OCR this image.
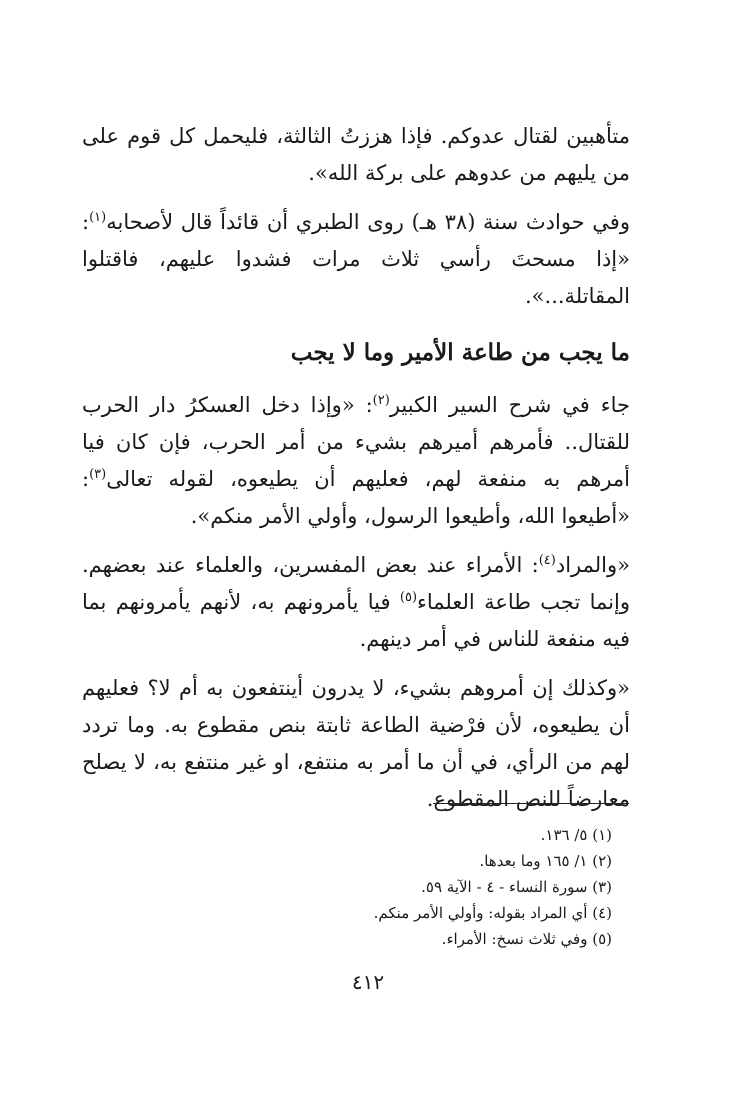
متأهبين لقتال عدوكم. فإذا هززتُ الثالثة، فليحمل كل قوم على من يليهم من عدوهم على بركة الله».

وفي حوادث سنة (٣٨ هـ) روى الطبري أن قائداً قال لأصحابه$^{(١)}$: «إذا مسحتَ رأسي ثلاث مرات فشدوا عليهم، فاقتلوا المقاتلة...».

ما يجب من طاعة الأمير وما لا يجب

جاء في شرح السير الكبير$^{(٢)}$: «وإذا دخل العسكرُ دار الحرب للقتال.. فأمرهم أميرهم بشيء من أمر الحرب، فإن كان فيا أمرهم به منفعة لهم، فعليهم أن يطيعوه، لقوله تعالى$^{(٣)}$: «أطيعوا الله، وأطيعوا الرسول، وأولي الأمر منكم».

«والمراد$^{(٤)}$: الأمراء عند بعض المفسرين، والعلماء عند بعضهم. وإنما تجب طاعة العلماء$^{(٥)}$ فيا يأمرونهم به، لأنهم يأمرونهم بما فيه منفعة للناس في أمر دينهم.

«وكذلك إن أمروهم بشيء، لا يدرون أينتفعون به أم لا؟ فعليهم أن يطيعوه، لأن فرْضية الطاعة ثابتة بنص مقطوع به. وما تردد لهم من الرأي، في أن ما أمر به منتفع، او غير منتفع به، لا يصلح معارضاً للنص المقطوع.

(١) ٥/ ١٣٦.
(٢) ١/ ١٦٥ وما بعدها.
(٣) سورة النساء - ٤ - الآية ٥٩.
(٤) أي المراد بقوله: وأولي الأمر منكم.
(٥) وفي ثلاث نسخ: الأمراء.
٤١٢
